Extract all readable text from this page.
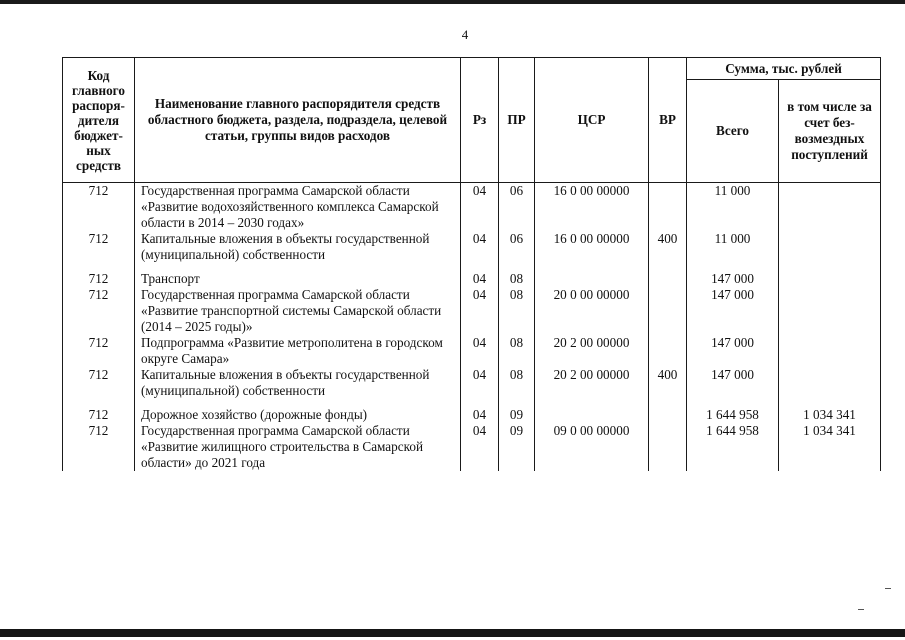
4
Код главного распоря-дителя бюджет-ных средств	Наименование главного распорядителя средств областного бюджета, раздела, подраздела, целевой статьи, группы видов расходов	Рз	ПР	ЦСР	ВР	Сумма, тыс. рублей	
						Всего	в том числе за счет без-возмездных поступлений
712	Государственная программа Самарской области «Развитие водохозяйственного комплекса Самарской области в 2014 – 2030 годах»	04	06	16 0 00 00000		11 000	
712	Капитальные вложения в объекты государственной (муниципальной) собственности	04	06	16 0 00 00000	400	11 000	

712	Транспорт	04	08			147 000	
712	Государственная программа Самарской области «Развитие транспортной системы Самарской области (2014 – 2025 годы)»	04	08	20 0 00 00000		147 000	
712	Подпрограмма «Развитие метрополитена в городском округе Самара»	04	08	20 2 00 00000		147 000	
712	Капитальные вложения в объекты государственной (муниципальной) собственности	04	08	20 2 00 00000	400	147 000	

712	Дорожное хозяйство (дорожные фонды)	04	09			1 644 958	1 034 341
712	Государственная программа Самарской области «Развитие жилищного строительства в Самарской области» до 2021 года	04	09	09 0 00 00000		1 644 958	1 034 341
